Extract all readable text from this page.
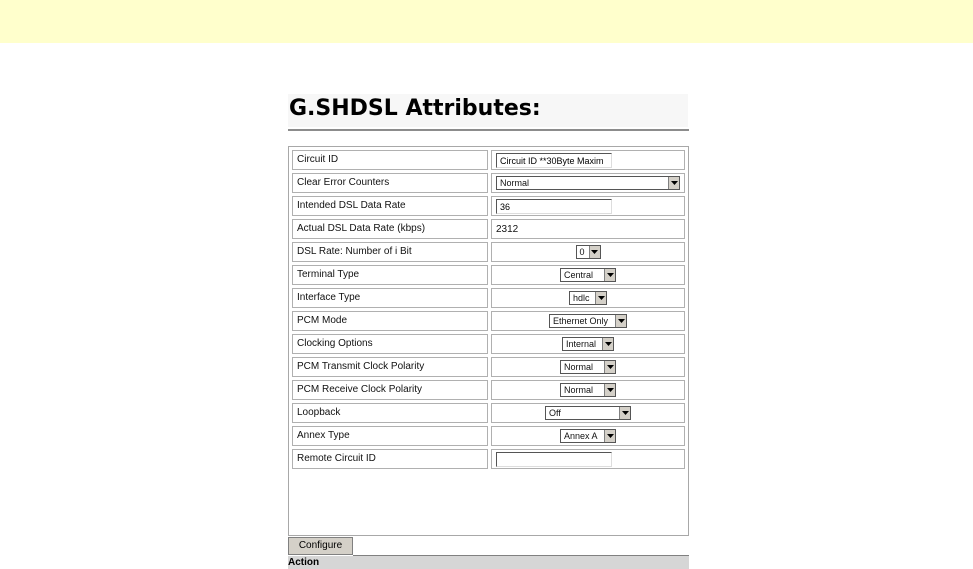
G.SHDSL Attributes:
Circuit ID	Circuit ID **30Byte Maxim
Clear Error Counters	Normal

Intended DSL Data Rate	36
Actual DSL Data Rate (kbps)	2312
DSL Rate: Number of i Bit	0

Terminal Type	Central

Interface Type	hdlc

PCM Mode	Ethernet Only

Clocking Options	Internal

PCM Transmit Clock Polarity	Normal

PCM Receive Clock Polarity	Normal

Loopback	Off

Annex Type	Annex A

Remote Circuit ID	
Configure
Action
